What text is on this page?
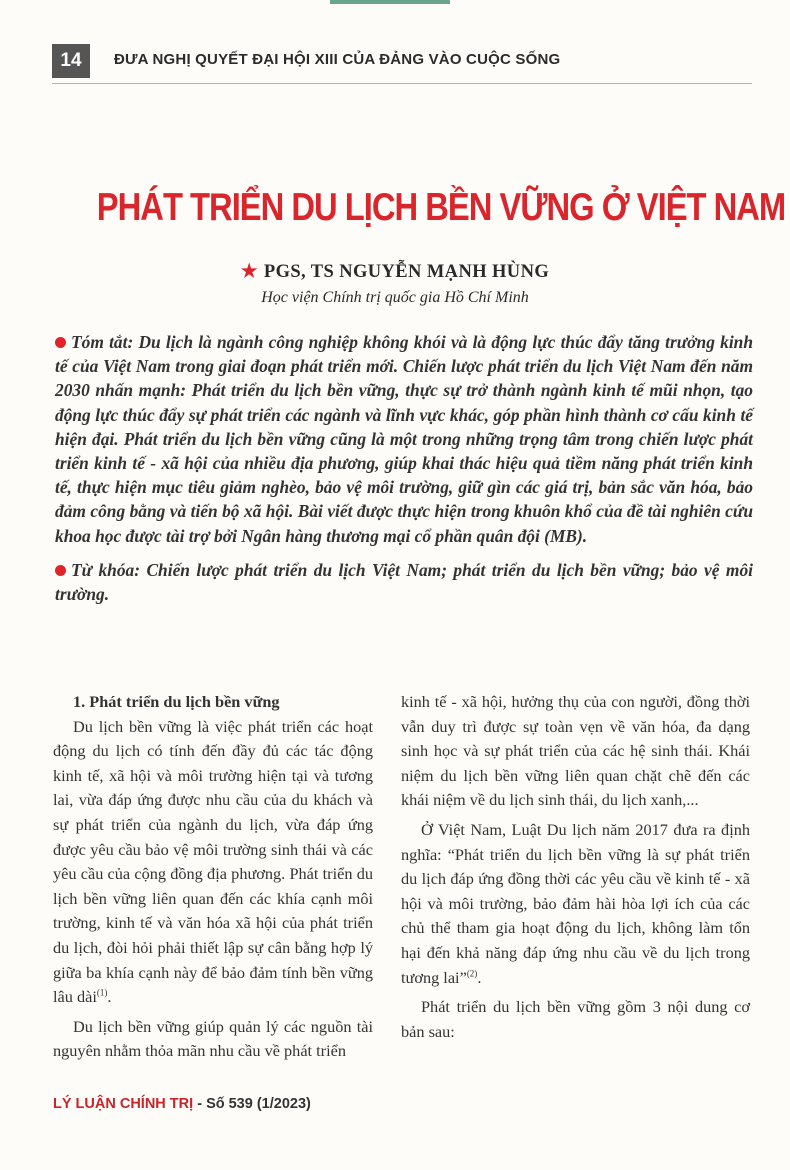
14	ĐƯA NGHỊ QUYẾT ĐẠI HỘI XIII CỦA ĐẢNG VÀO CUỘC SỐNG
PHÁT TRIỂN DU LỊCH BỀN VỮNG Ở VIỆT NAM
★ PGS, TS NGUYỄN MẠNH HÙNG
Học viện Chính trị quốc gia Hồ Chí Minh

Tóm tắt: Du lịch là ngành công nghiệp không khói và là động lực thúc đẩy tăng trưởng kinh tế của Việt Nam trong giai đoạn phát triển mới. Chiến lược phát triển du lịch Việt Nam đến năm 2030 nhấn mạnh: Phát triển du lịch bền vững, thực sự trở thành ngành kinh tế mũi nhọn, tạo động lực thúc đẩy sự phát triển các ngành và lĩnh vực khác, góp phần hình thành cơ cấu kinh tế hiện đại. Phát triển du lịch bền vững cũng là một trong những trọng tâm trong chiến lược phát triển kinh tế - xã hội của nhiều địa phương, giúp khai thác hiệu quả tiềm năng phát triển kinh tế, thực hiện mục tiêu giảm nghèo, bảo vệ môi trường, giữ gìn các giá trị, bản sắc văn hóa, bảo đảm công bằng và tiến bộ xã hội. Bài viết được thực hiện trong khuôn khổ của đề tài nghiên cứu khoa học được tài trợ bởi Ngân hàng thương mại cổ phần quân đội (MB).

Từ khóa: Chiến lược phát triển du lịch Việt Nam; phát triển du lịch bền vững; bảo vệ môi trường.

1. Phát triển du lịch bền vững

Du lịch bền vững là việc phát triển các hoạt động du lịch có tính đến đầy đủ các tác động kinh tế, xã hội và môi trường hiện tại và tương lai, vừa đáp ứng được nhu cầu của du khách và sự phát triển của ngành du lịch, vừa đáp ứng được yêu cầu bảo vệ môi trường sinh thái và các yêu cầu của cộng đồng địa phương. Phát triển du lịch bền vững liên quan đến các khía cạnh môi trường, kinh tế và văn hóa xã hội của phát triển du lịch, đòi hỏi phải thiết lập sự cân bằng hợp lý giữa ba khía cạnh này để bảo đảm tính bền vững lâu dài$^{(1)}$.

Du lịch bền vững giúp quản lý các nguồn tài nguyên nhằm thỏa mãn nhu cầu về phát triển

kinh tế - xã hội, hưởng thụ của con người, đồng thời vẫn duy trì được sự toàn vẹn về văn hóa, đa dạng sinh học và sự phát triển của các hệ sinh thái. Khái niệm du lịch bền vững liên quan chặt chẽ đến các khái niệm về du lịch sinh thái, du lịch xanh,...

Ở Việt Nam, Luật Du lịch năm 2017 đưa ra định nghĩa: “Phát triển du lịch bền vững là sự phát triển du lịch đáp ứng đồng thời các yêu cầu về kinh tế - xã hội và môi trường, bảo đảm hài hòa lợi ích của các chủ thể tham gia hoạt động du lịch, không làm tổn hại đến khả năng đáp ứng nhu cầu về du lịch trong tương lai”$^{(2)}$.

Phát triển du lịch bền vững gồm 3 nội dung cơ bản sau:

LÝ LUẬN CHÍNH TRỊ - Số 539 (1/2023)
